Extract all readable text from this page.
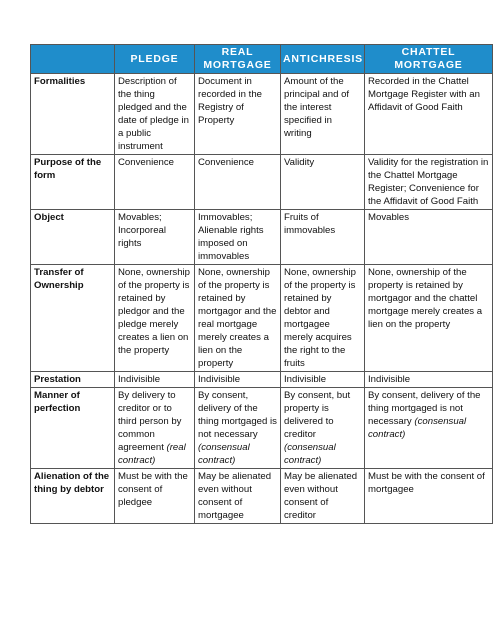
	PLEDGE	REAL MORTGAGE	ANTICHRESIS	CHATTEL MORTGAGE
Formalities	Description of the thing pledged and the date of pledge in a public instrument	Document in recorded in the Registry of Property	Amount of the principal and of the interest specified in writing	Recorded in the Chattel Mortgage Register with an Affidavit of Good Faith
Purpose of the form	Convenience	Convenience	Validity	Validity for the registration in the Chattel Mortgage Register; Convenience for the Affidavit of Good Faith
Object	Movables; Incorporeal rights	Immovables; Alienable rights imposed on immovables	Fruits of immovables	Movables
Transfer of Ownership	None, ownership of the property is retained by pledgor and the pledge merely creates a lien on the property	None, ownership of the property is retained by mortgagor and the real mortgage merely creates a lien on the property	None, ownership of the property is retained by debtor and mortgagee merely acquires the right to the fruits	None, ownership of the property is retained by mortgagor and the chattel mortgage merely creates a lien on the property
Prestation	Indivisible	Indivisible	Indivisible	Indivisible
Manner of perfection	By delivery to creditor or to third person by common agreement (real contract)	By consent, delivery of the thing mortgaged is not necessary (consensual contract)	By consent, but property is delivered to creditor (consensual contract)	By consent, delivery of the thing mortgaged is not necessary (consensual contract)
Alienation of the thing by debtor	Must be with the consent of pledgee	May be alienated even without consent of mortgagee	May be alienated even without consent of creditor	Must be with the consent of mortgagee
